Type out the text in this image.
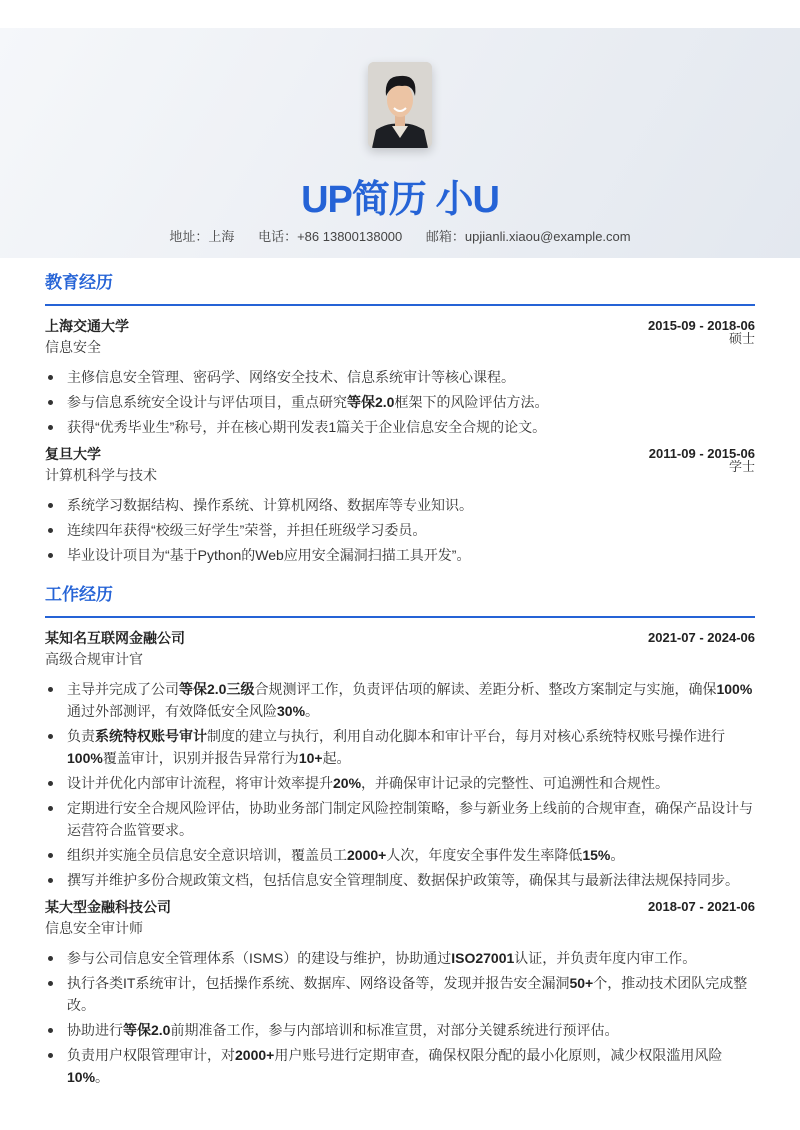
UP简历 小U
地址：上海 电话：+86 13800138000 邮箱：upjianli.xiaou@example.com
教育经历
上海交通大学	2015-09 - 2018-06
信息安全
硕士
主修信息安全管理、密码学、网络安全技术、信息系统审计等核心课程。
参与信息系统安全设计与评估项目，重点研究等保2.0框架下的风险评估方法。
获得“优秀毕业生”称号，并在核心期刊发表1篇关于企业信息安全合规的论文。
复旦大学	2011-09 - 2015-06
计算机科学与技术
学士
系统学习数据结构、操作系统、计算机网络、数据库等专业知识。
连续四年获得“校级三好学生”荣誉，并担任班级学习委员。
毕业设计项目为“基于Python的Web应用安全漏洞扫描工具开发”。
工作经历
某知名互联网金融公司	2021-07 - 2024-06
高级合规审计官
主导并完成了公司等保2.0三级合规测评工作，负责评估项的解读、差距分析、整改方案制定与实施，确保100%通过外部测评，有效降低安全风险30%。
负责系统特权账号审计制度的建立与执行，利用自动化脚本和审计平台，每月对核心系统特权账号操作进行100%覆盖审计，识别并报告异常行为10+起。
设计并优化内部审计流程，将审计效率提升20%，并确保审计记录的完整性、可追溯性和合规性。
定期进行安全合规风险评估，协助业务部门制定风险控制策略，参与新业务上线前的合规审查，确保产品设计与运营符合监管要求。
组织并实施全员信息安全意识培训，覆盖员工2000+人次，年度安全事件发生率降低15%。
撰写并维护多份合规政策文档，包括信息安全管理制度、数据保护政策等，确保其与最新法律法规保持同步。
某大型金融科技公司	2018-07 - 2021-06
信息安全审计师
参与公司信息安全管理体系（ISMS）的建设与维护，协助通过ISO27001认证，并负责年度内审工作。
执行各类IT系统审计，包括操作系统、数据库、网络设备等，发现并报告安全漏洞50+个，推动技术团队完成整改。
协助进行等保2.0前期准备工作，参与内部培训和标准宣贯，对部分关键系统进行预评估。
负责用户权限管理审计，对2000+用户账号进行定期审查，确保权限分配的最小化原则，减少权限滥用风险10%。
